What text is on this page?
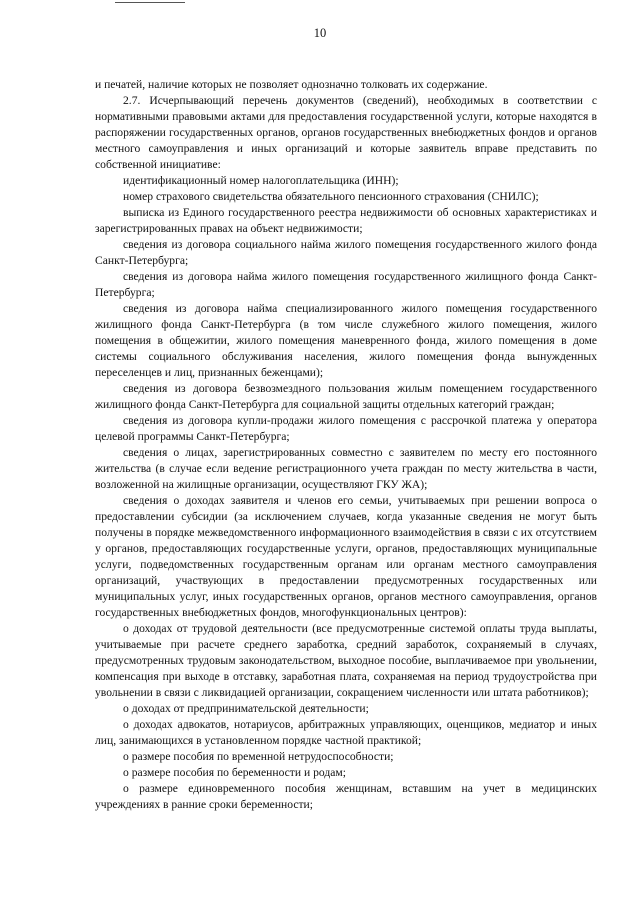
10

и печатей, наличие которых не позволяет однозначно толковать их содержание.

2.7. Исчерпывающий перечень документов (сведений), необходимых в соответствии с нормативными правовыми актами для предоставления государственной услуги, которые находятся в распоряжении государственных органов, органов государственных внебюджетных фондов и органов местного самоуправления и иных организаций и которые заявитель вправе представить по собственной инициативе:

идентификационный номер налогоплательщика (ИНН);

номер страхового свидетельства обязательного пенсионного страхования (СНИЛС);

выписка из Единого государственного реестра недвижимости об основных характеристиках и зарегистрированных правах на объект недвижимости;

сведения из договора социального найма жилого помещения государственного жилого фонда Санкт-Петербурга;

сведения из договора найма жилого помещения государственного жилищного фонда Санкт-Петербурга;

сведения из договора найма специализированного жилого помещения государственного жилищного фонда Санкт-Петербурга (в том числе служебного жилого помещения, жилого помещения в общежитии, жилого помещения маневренного фонда, жилого помещения в доме системы социального обслуживания населения, жилого помещения фонда вынужденных переселенцев и лиц, признанных беженцами);

сведения из договора безвозмездного пользования жилым помещением государственного жилищного фонда Санкт-Петербурга для социальной защиты отдельных категорий граждан;

сведения из договора купли-продажи жилого помещения с рассрочкой платежа у оператора целевой программы Санкт-Петербурга;

сведения о лицах, зарегистрированных совместно с заявителем по месту его постоянного жительства (в случае если ведение регистрационного учета граждан по месту жительства в части, возложенной на жилищные организации, осуществляют ГКУ ЖА);

сведения о доходах заявителя и членов его семьи, учитываемых при решении вопроса о предоставлении субсидии (за исключением случаев, когда указанные сведения не могут быть получены в порядке межведомственного информационного взаимодействия в связи с их отсутствием у органов, предоставляющих государственные услуги, органов, предоставляющих муниципальные услуги, подведомственных государственным органам или органам местного самоуправления организаций, участвующих в предоставлении предусмотренных государственных или муниципальных услуг, иных государственных органов, органов местного самоуправления, органов государственных внебюджетных фондов, многофункциональных центров):

о доходах от трудовой деятельности (все предусмотренные системой оплаты труда выплаты, учитываемые при расчете среднего заработка, средний заработок, сохраняемый в случаях, предусмотренных трудовым законодательством, выходное пособие, выплачиваемое при увольнении, компенсация при выходе в отставку, заработная плата, сохраняемая на период трудоустройства при увольнении в связи с ликвидацией организации, сокращением численности или штата работников);

о доходах от предпринимательской деятельности;

о доходах адвокатов, нотариусов, арбитражных управляющих, оценщиков, медиатор и иных лиц, занимающихся в установленном порядке частной практикой;

о размере пособия по временной нетрудоспособности;

о размере пособия по беременности и родам;

о размере единовременного пособия женщинам, вставшим на учет в медицинских учреждениях в ранние сроки беременности;
